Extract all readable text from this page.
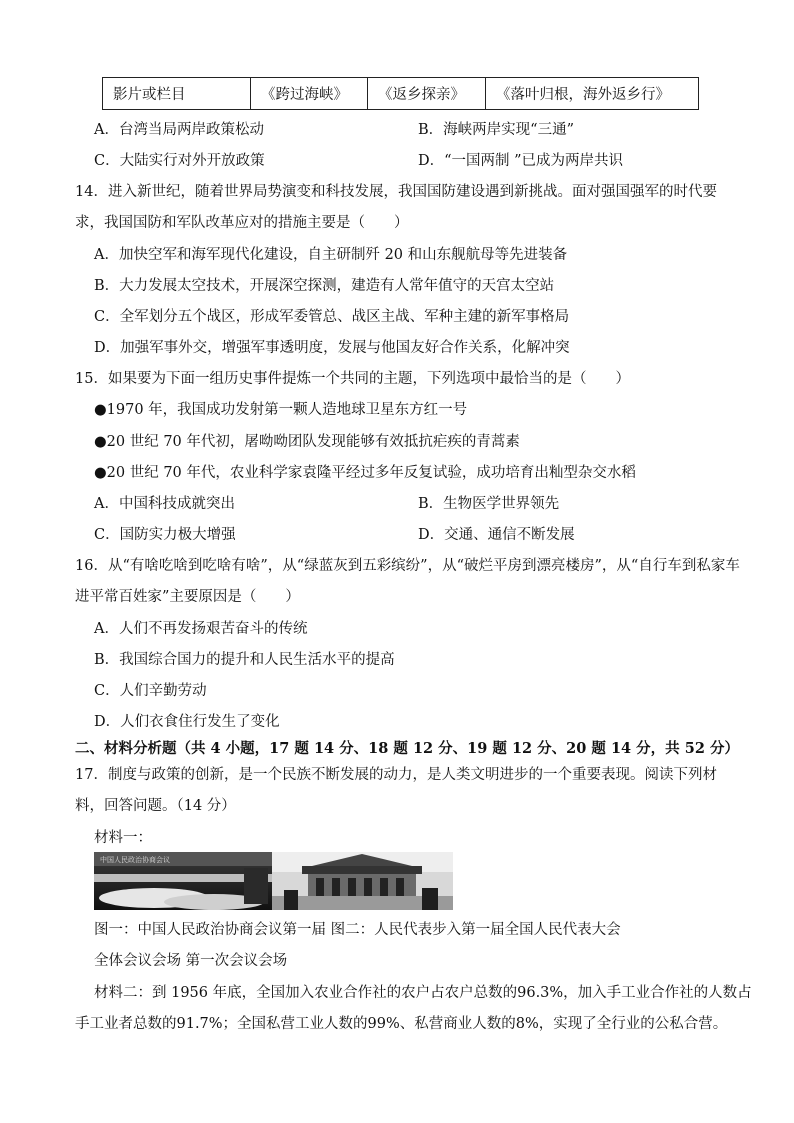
影片或栏目	《跨过海峡》	《返乡探亲》	《落叶归根，海外返乡行》
A．台湾当局两岸政策松动	B．海峡两岸实现“三通”
C．大陆实行对外开放政策	D．“一国两制 ”已成为两岸共识
14．进入新世纪，随着世界局势演变和科技发展，我国国防建设遇到新挑战。面对强国强军的时代要
求，我国国防和军队改革应对的措施主要是（　　）
A．加快空军和海军现代化建设，自主研制歼 20 和山东舰航母等先进装备
B．大力发展太空技术，开展深空探测，建造有人常年值守的天宫太空站
C．全军划分五个战区，形成军委管总、战区主战、军种主建的新军事格局
D．加强军事外交，增强军事透明度，发展与他国友好合作关系，化解冲突
15．如果要为下面一组历史事件提炼一个共同的主题，下列选项中最恰当的是（　　）
●1970 年，我国成功发射第一颗人造地球卫星东方红一号
●20 世纪 70 年代初，屠呦呦团队发现能够有效抵抗疟疾的青蒿素
●20 世纪 70 年代，农业科学家袁隆平经过多年反复试验，成功培育出籼型杂交水稻
A．中国科技成就突出	B．生物医学世界领先
C．国防实力极大增强	D．交通、通信不断发展
16．从“有啥吃啥到吃啥有啥”，从“绿蓝灰到五彩缤纷”，从“破烂平房到漂亮楼房”，从“自行车到私家车
进平常百姓家”主要原因是（　　）
A．人们不再发扬艰苦奋斗的传统
B．我国综合国力的提升和人民生活水平的提高
C．人们辛勤劳动
D．人们衣食住行发生了变化
二、材料分析题（共 4 小题，17 题 14 分、18 题 12 分、19 题 12 分、20 题 14 分，共 52 分）
17．制度与政策的创新，是一个民族不断发展的动力，是人类文明进步的一个重要表现。阅读下列材
料，回答问题。（14 分）
材料一：
中国人民政治协商会议
图一：中国人民政治协商会议第一届 图二：人民代表步入第一届全国人民代表大会
全体会议会场 第一次会议会场
材料二：到 1956 年底，全国加入农业合作社的农户占农户总数的96.3%，加入手工业合作社的人数占
手工业者总数的91.7%；全国私营工业人数的99%、私营商业人数的8%，实现了全行业的公私合营。
